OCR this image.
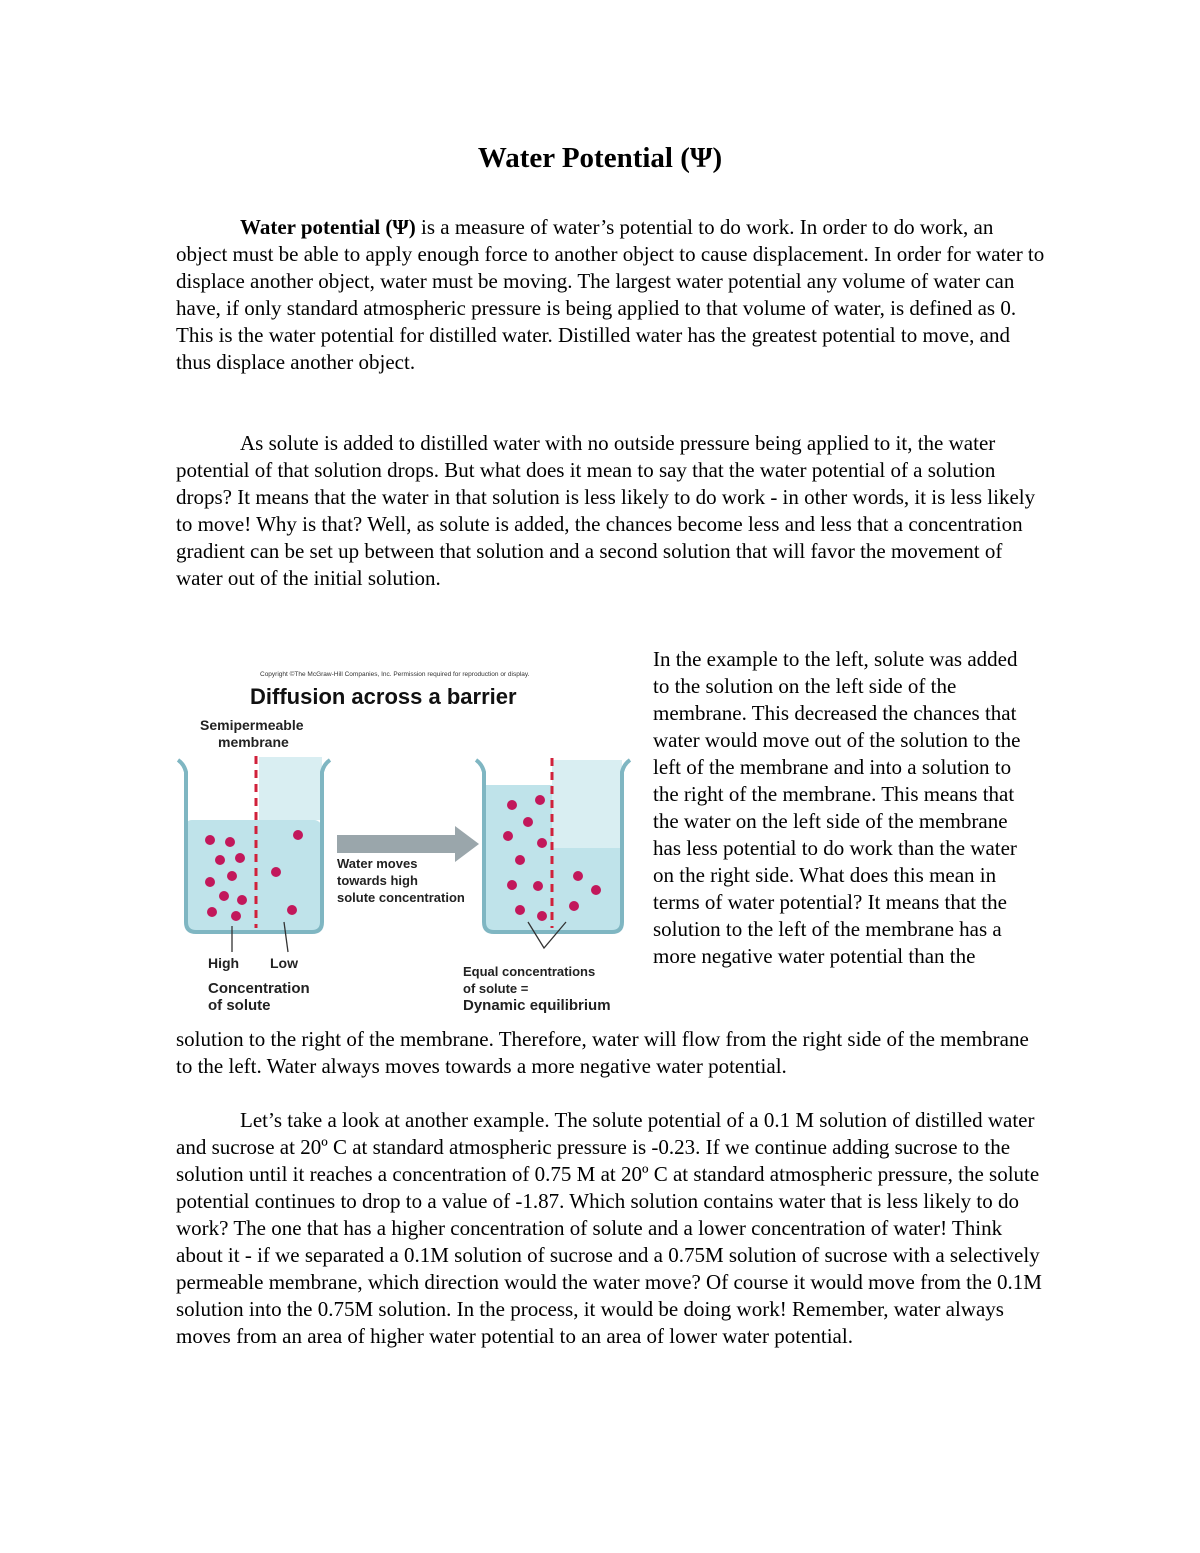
Water Potential (Ψ)

Water potential (Ψ) is a measure of water’s potential to do work. In order to do work, an object must be able to apply enough force to another object to cause displacement. In order for water to displace another object, water must be moving. The largest water potential any volume of water can have, if only standard atmospheric pressure is being applied to that volume of water, is defined as 0. This is the water potential for distilled water. Distilled water has the greatest potential to move, and thus displace another object.

As solute is added to distilled water with no outside pressure being applied to it, the water potential of that solution drops. But what does it mean to say that the water potential of a solution drops? It means that the water in that solution is less likely to do work - in other words, it is less likely to move! Why is that? Well, as solute is added, the chances become less and less that a concentration gradient can be set up between that solution and a second solution that will favor the movement of water out of the initial solution.

Copyright ©The McGraw-Hill Companies, Inc. Permission required for reproduction or display.
Diffusion across a barrier
Semipermeable
membrane
Water moves
towards high
solute concentration
High Low
Concentration
of solute
Equal concentrations
of solute =
Dynamic equilibrium
In the example to the left, solute was added to the solution on the left side of the membrane. This decreased the chances that water would move out of the solution to the left of the membrane and into a solution to the right of the membrane. This means that the water on the left side of the membrane has less potential to do work than the water on the right side. What does this mean in terms of water potential? It means that the solution to the left of the membrane has a more negative water potential than the
solution to the right of the membrane. Therefore, water will flow from the right side of the membrane to the left. Water always moves towards a more negative water potential.

Let’s take a look at another example. The solute potential of a 0.1 M solution of distilled water and sucrose at 20º C at standard atmospheric pressure is -0.23. If we continue adding sucrose to the solution until it reaches a concentration of 0.75 M at 20º C at standard atmospheric pressure, the solute potential continues to drop to a value of -1.87. Which solution contains water that is less likely to do work? The one that has a higher concentration of solute and a lower concentration of water! Think about it - if we separated a 0.1M solution of sucrose and a 0.75M solution of sucrose with a selectively permeable membrane, which direction would the water move? Of course it would move from the 0.1M solution into the 0.75M solution. In the process, it would be doing work! Remember, water always moves from an area of higher water potential to an area of lower water potential.
